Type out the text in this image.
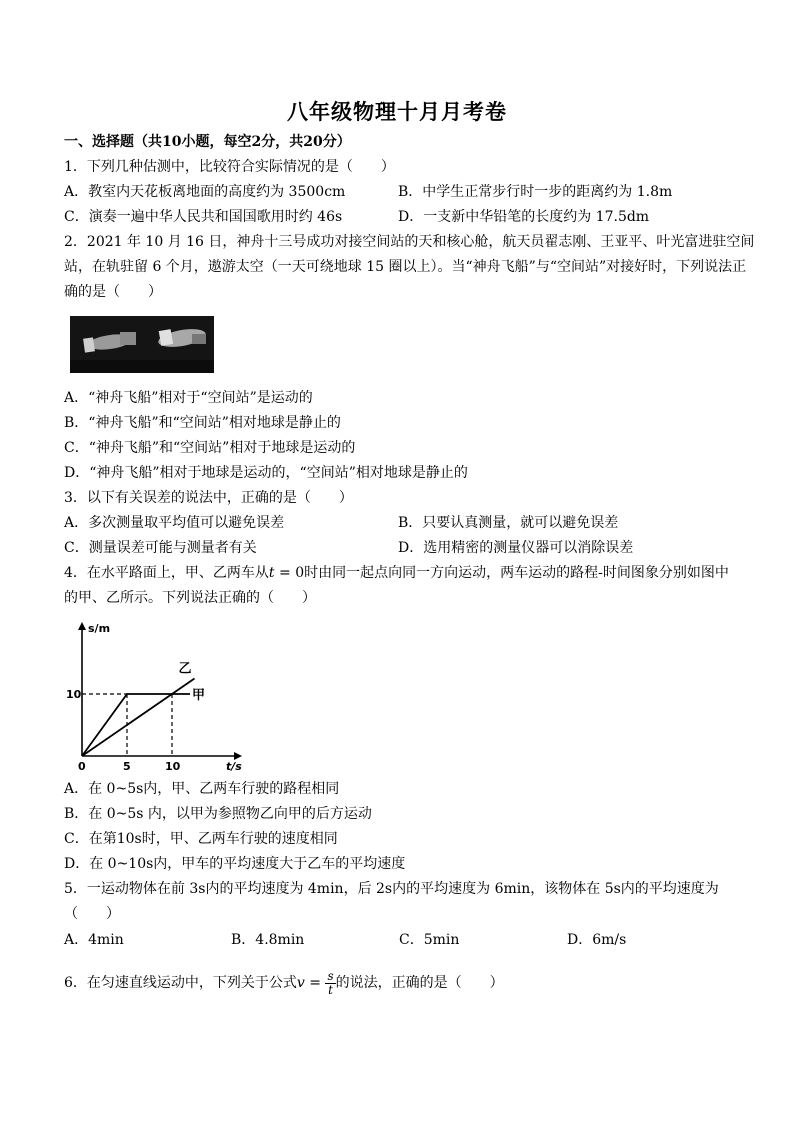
八年级物理十月月考卷
一、选择题（共10小题，每空2分，共20分）
1．下列几种估测中，比较符合实际情况的是（　　）
A．教室内天花板离地面的高度约为 3500cm	B．中学生正常步行时一步的距离约为 1.8m
C．演奏一遍中华人民共和国国歌用时约 46s	D．一支新中华铅笔的长度约为 17.5dm
2．2021 年 10 月 16 日，神舟十三号成功对接空间站的天和核心舱，航天员翟志刚、王亚平、叶光富进驻空间
站，在轨驻留 6 个月，遨游太空（一天可绕地球 15 圈以上）。当“神舟飞船”与“空间站”对接好时，下列说法正
确的是（　　）
A．“神舟飞船”相对于“空间站”是运动的
B．“神舟飞船”和“空间站”相对地球是静止的
C．“神舟飞船”和“空间站”相对于地球是运动的
D．“神舟飞船”相对于地球是运动的，“空间站”相对地球是静止的
3．以下有关误差的说法中，正确的是（　　）
A．多次测量取平均值可以避免误差	B．只要认真测量，就可以避免误差
C．测量误差可能与测量者有关	D．选用精密的测量仪器可以消除误差
4．在水平路面上，甲、乙两车从t = 0时由同一起点向同一方向运动，两车运动的路程-时间图象分别如图中
的甲、乙所示。下列说法正确的（　　）
甲
乙
s/m
t/s
0	5	10
10
A．在 0~5s内，甲、乙两车行驶的路程相同
B．在 0~5s 内，以甲为参照物乙向甲的后方运动
C．在第10s时，甲、乙两车行驶的速度相同
D．在 0~10s内，甲车的平均速度大于乙车的平均速度
5．一运动物体在前 3s内的平均速度为 4min，后 2s内的平均速度为 6min，该物体在 5s内的平均速度为
（　　）
A．4min	B．4.8min	C．5min	D．6m/s
6．在匀速直线运动中，下列关于公式$v = \frac{s}{t}$ 的说法，正确的是（　　）
